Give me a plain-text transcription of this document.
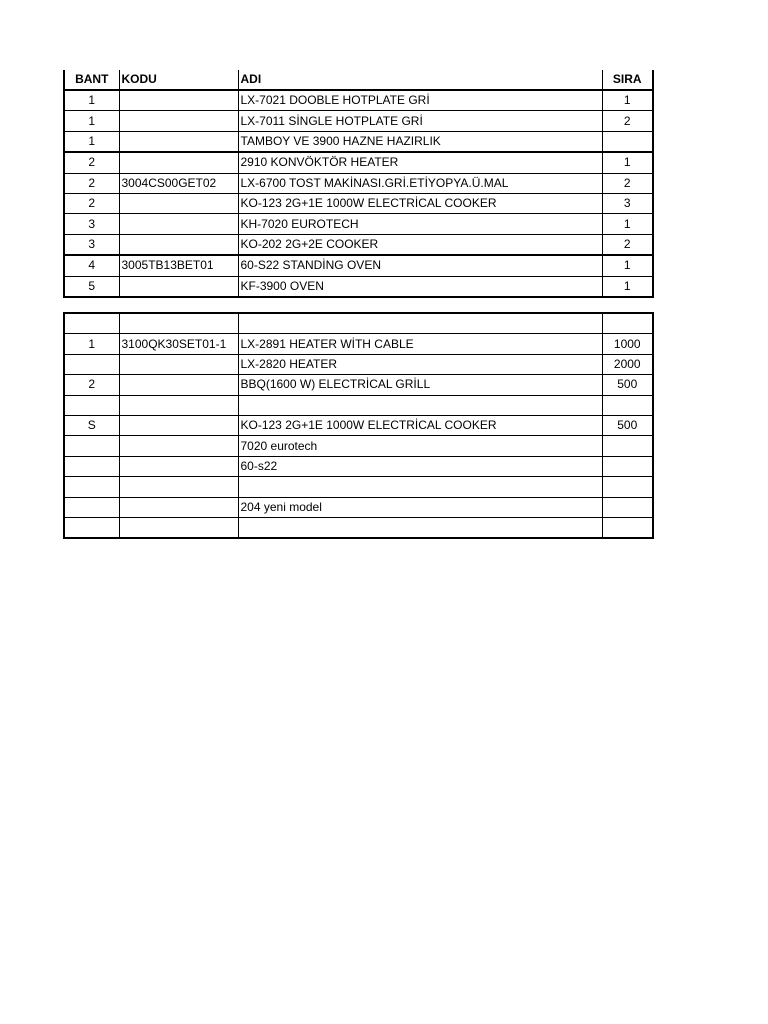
BANT	KODU	ADI	SIRA
1		LX-7021 DOOBLE HOTPLATE GRİ	1
1		LX-7011 SİNGLE HOTPLATE GRİ	2
1		TAMBOY VE 3900 HAZNE HAZIRLIK	
2		2910 KONVÖKTÖR HEATER	1
2	3004CS00GET02	LX-6700 TOST MAKİNASI.GRİ.ETİYOPYA.Ü.MAL	2
2		KO-123 2G+1E 1000W ELECTRİCAL COOKER	3
3		KH-7020 EUROTECH	1
3		KO-202 2G+2E COOKER	2
4	3005TB13BET01	60-S22 STANDİNG OVEN	1
5		KF-3900 OVEN	1

1	3100QK30SET01-1	LX-2891 HEATER WİTH CABLE	1000
		LX-2820 HEATER	2000
2		BBQ(1600 W) ELECTRİCAL GRİLL	500

S		KO-123 2G+1E 1000W ELECTRİCAL COOKER	500
		7020 eurotech	
		60-s22	

		204 yeni model	
